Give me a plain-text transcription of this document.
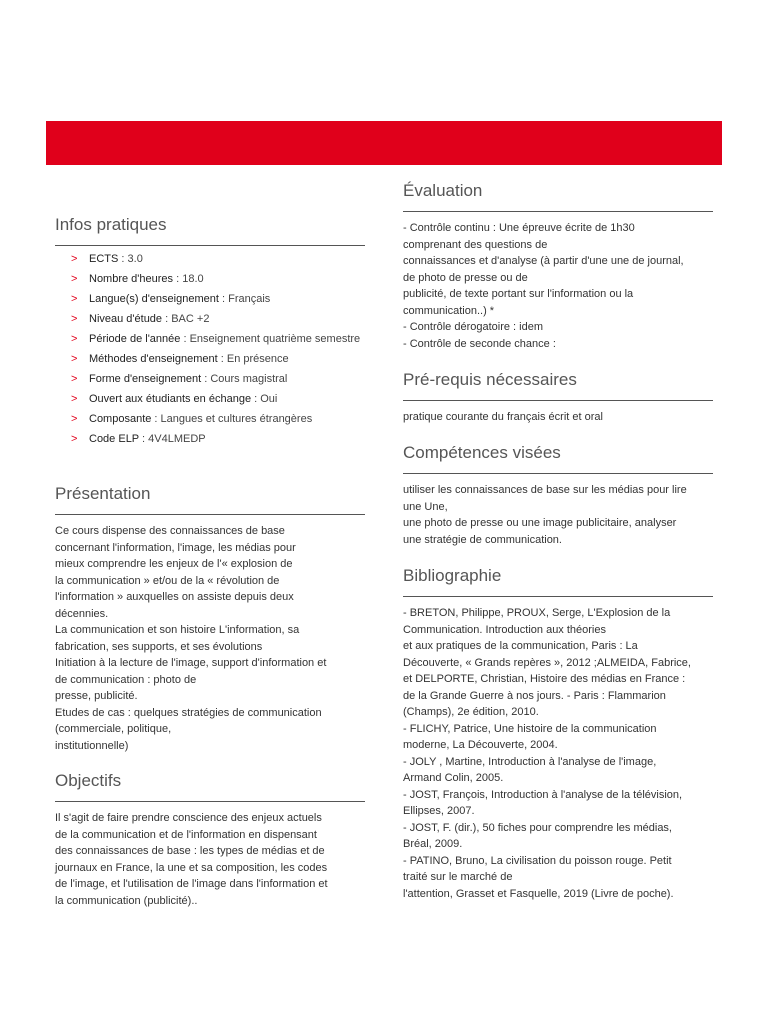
Infos pratiques
> ECTS : 3.0
> Nombre d'heures : 18.0
> Langue(s) d'enseignement : Français
> Niveau d'étude : BAC +2
> Période de l'année : Enseignement quatrième semestre
> Méthodes d'enseignement : En présence
> Forme d'enseignement : Cours magistral
> Ouvert aux étudiants en échange : Oui
> Composante : Langues et cultures étrangères
> Code ELP : 4V4LMEDP
Présentation
Ce cours dispense des connaissances de base
concernant l'information, l'image, les médias pour
mieux comprendre les enjeux de l'« explosion de
la communication » et/ou de la « révolution de
l'information » auxquelles on assiste depuis deux
décennies.
La communication et son histoire L'information, sa
fabrication, ses supports, et ses évolutions
Initiation à la lecture de l'image, support d'information et
de communication : photo de
presse, publicité.
Etudes de cas : quelques stratégies de communication
(commerciale, politique,
institutionnelle)
Objectifs
Il s'agit de faire prendre conscience des enjeux actuels
de la communication et de l'information en dispensant
des connaissances de base : les types de médias et de
journaux en France, la une et sa composition, les codes
de l'image, et l'utilisation de l'image dans l'information et
la communication (publicité)..
Évaluation
- Contrôle continu : Une épreuve écrite de 1h30
comprenant des questions de
connaissances et d'analyse (à partir d'une une de journal,
de photo de presse ou de
publicité, de texte portant sur l'information ou la
communication..) *
- Contrôle dérogatoire : idem
- Contrôle de seconde chance :
Pré-requis nécessaires
pratique courante du français écrit et oral
Compétences visées
utiliser les connaissances de base sur les médias pour lire
une Une,
une photo de presse ou une image publicitaire, analyser
une stratégie de communication.
Bibliographie
- BRETON, Philippe, PROUX, Serge, L'Explosion de la
Communication. Introduction aux théories
et aux pratiques de la communication, Paris : La
Découverte, « Grands repères », 2012 ;ALMEIDA, Fabrice,
et DELPORTE, Christian, Histoire des médias en France :
de la Grande Guerre à nos jours. - Paris : Flammarion
(Champs), 2e édition, 2010.
- FLICHY, Patrice, Une histoire de la communication
moderne, La Découverte, 2004.
- JOLY , Martine, Introduction à l'analyse de l'image,
Armand Colin, 2005.
- JOST, François, Introduction à l'analyse de la télévision,
Ellipses, 2007.
- JOST, F. (dir.), 50 fiches pour comprendre les médias,
Bréal, 2009.
- PATINO, Bruno, La civilisation du poisson rouge. Petit
traité sur le marché de
l'attention, Grasset et Fasquelle, 2019 (Livre de poche).
